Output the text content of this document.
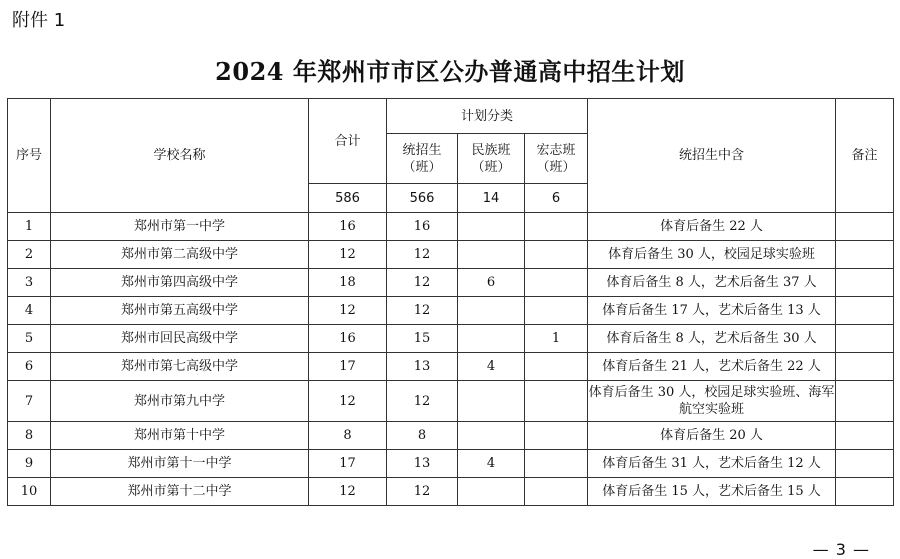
附件 1
2024 年郑州市市区公办普通高中招生计划
序号	学校名称	合计	计划分类			统招生中含	备注
			统招生（班）	民族班（班）	宏志班（班）		
		586	566	14	6		
1	郑州市第一中学	16	16			体育后备生 22 人	
2	郑州市第二高级中学	12	12			体育后备生 30 人，校园足球实验班	
3	郑州市第四高级中学	18	12	6		体育后备生 8 人，艺术后备生 37 人	
4	郑州市第五高级中学	12	12			体育后备生 17 人，艺术后备生 13 人	
5	郑州市回民高级中学	16	15		1	体育后备生 8 人，艺术后备生 30 人	
6	郑州市第七高级中学	17	13	4		体育后备生 21 人，艺术后备生 22 人	
7	郑州市第九中学	12	12			体育后备生 30 人，校园足球实验班、海军航空实验班	
8	郑州市第十中学	8	8			体育后备生 20 人	
9	郑州市第十一中学	17	13	4		体育后备生 31 人，艺术后备生 12 人	
10	郑州市第十二中学	12	12			体育后备生 15 人，艺术后备生 15 人	
— 3 —
